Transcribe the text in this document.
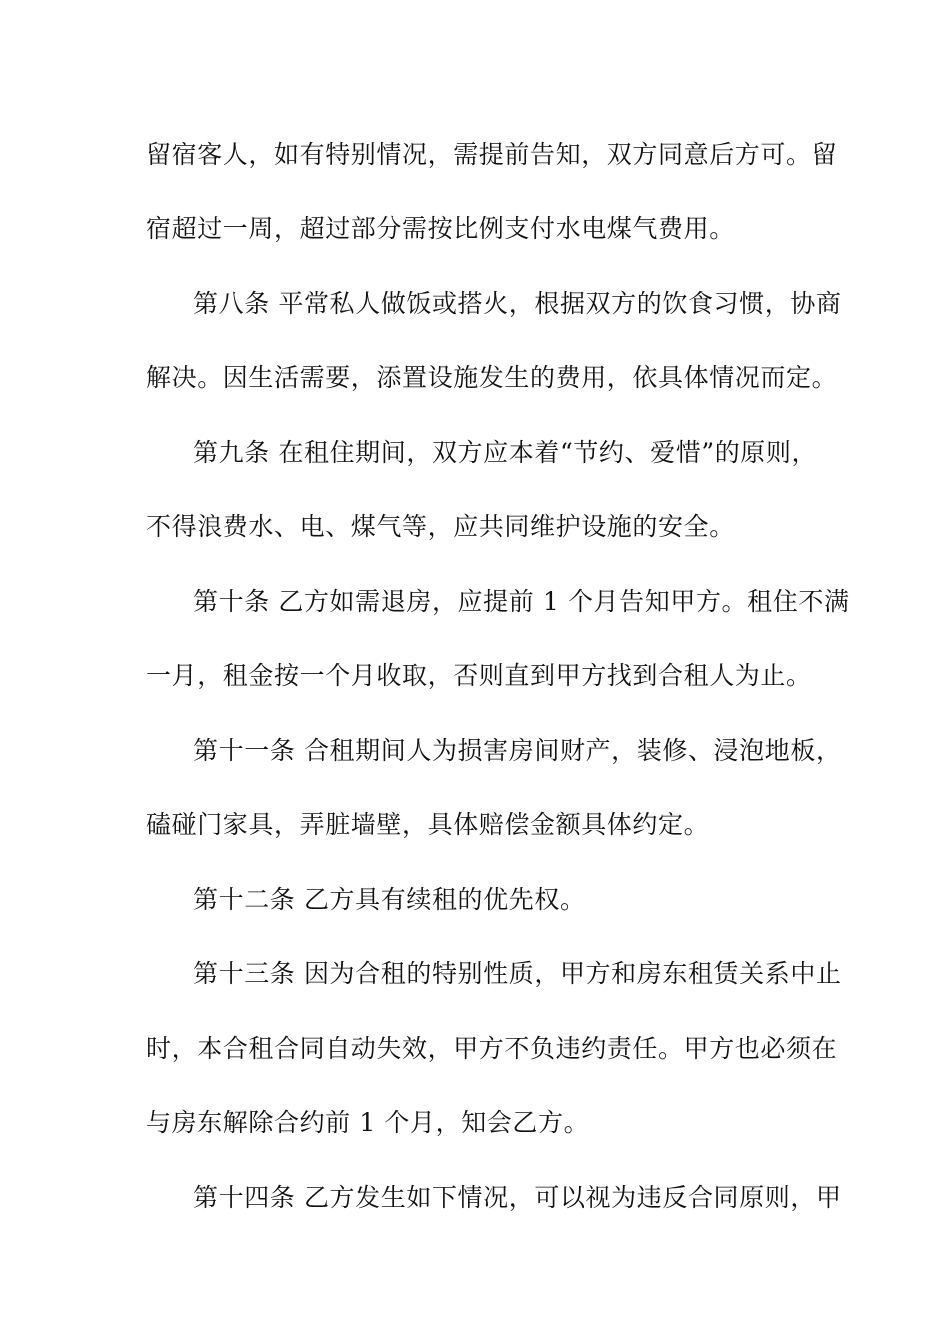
留宿客人，如有特别情况，需提前告知，双方同意后方可。留
宿超过一周，超过部分需按比例支付水电煤气费用。
第八条 平常私人做饭或搭火，根据双方的饮食习惯，协商
解决。因生活需要，添置设施发生的费用，依具体情况而定。
第九条 在租住期间，双方应本着“节约、爱惜”的原则，
不得浪费水、电、煤气等，应共同维护设施的安全。
第十条 乙方如需退房，应提前 1 个月告知甲方。租住不满
一月，租金按一个月收取，否则直到甲方找到合租人为止。
第十一条 合租期间人为损害房间财产，装修、浸泡地板，
磕碰门家具，弄脏墙壁，具体赔偿金额具体约定。
第十二条 乙方具有续租的优先权。
第十三条 因为合租的特别性质，甲方和房东租赁关系中止
时，本合租合同自动失效，甲方不负违约责任。甲方也必须在
与房东解除合约前 1 个月，知会乙方。
第十四条 乙方发生如下情况，可以视为违反合同原则，甲
